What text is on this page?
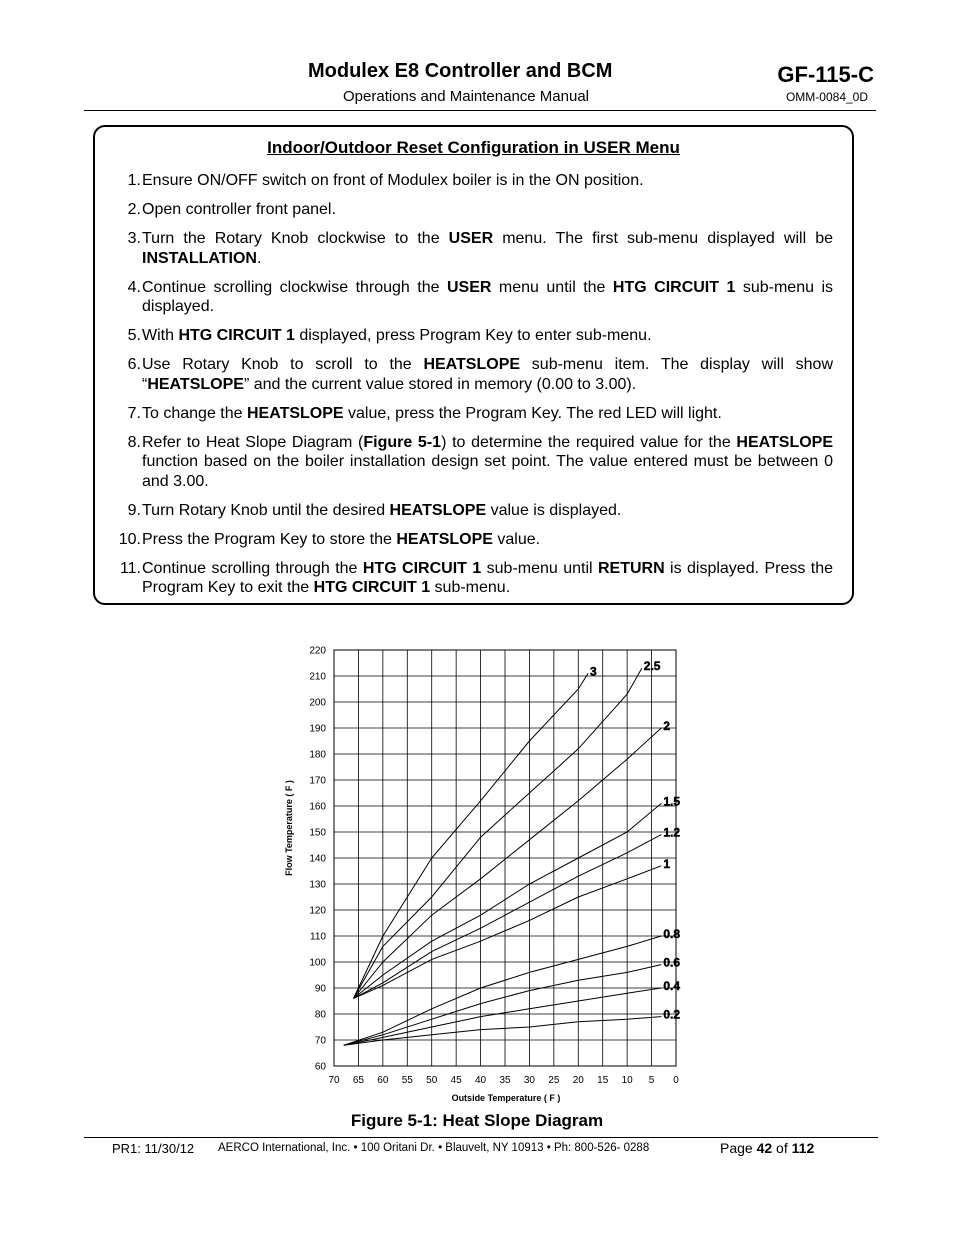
Modulex E8 Controller and BCM
Operations and Maintenance Manual
GF-115-C
OMM-0084_0D
Indoor/Outdoor Reset Configuration in USER Menu
1. Ensure ON/OFF switch on front of Modulex boiler is in the ON position.
2. Open controller front panel.
3. Turn the Rotary Knob clockwise to the USER menu. The first sub-menu displayed will be INSTALLATION.
4. Continue scrolling clockwise through the USER menu until the HTG CIRCUIT 1 sub-menu is displayed.
5. With HTG CIRCUIT 1 displayed, press Program Key to enter sub-menu.
6. Use Rotary Knob to scroll to the HEATSLOPE sub-menu item. The display will show “HEATSLOPE” and the current value stored in memory (0.00 to 3.00).
7. To change the HEATSLOPE value, press the Program Key. The red LED will light.
8. Refer to Heat Slope Diagram (Figure 5-1) to determine the required value for the HEATSLOPE function based on the boiler installation design set point. The value entered must be between 0 and 3.00.
9. Turn Rotary Knob until the desired HEATSLOPE value is displayed.
10. Press the Program Key to store the HEATSLOPE value.
11. Continue scrolling through the HTG CIRCUIT 1 sub-menu until RETURN is displayed. Press the Program Key to exit the HTG CIRCUIT 1 sub-menu.
70 65 60 55 50 45 40 35 30 25 20 15 10 5 0
60
70
80
90
100
110
120
130
140
150
160
170
180
190
200
210
220
Outside Temperature ( F )
Flow Temperature ( F )
3	2.5
2
1.5
1.2
1
0.8
0.6
0.4
0.2
Figure 5-1: Heat Slope Diagram
PR1: 11/30/12 AERCO International, Inc. • 100 Oritani Dr. • Blauvelt, NY 10913 • Ph: 800-526- 0288	Page 42 of 112
